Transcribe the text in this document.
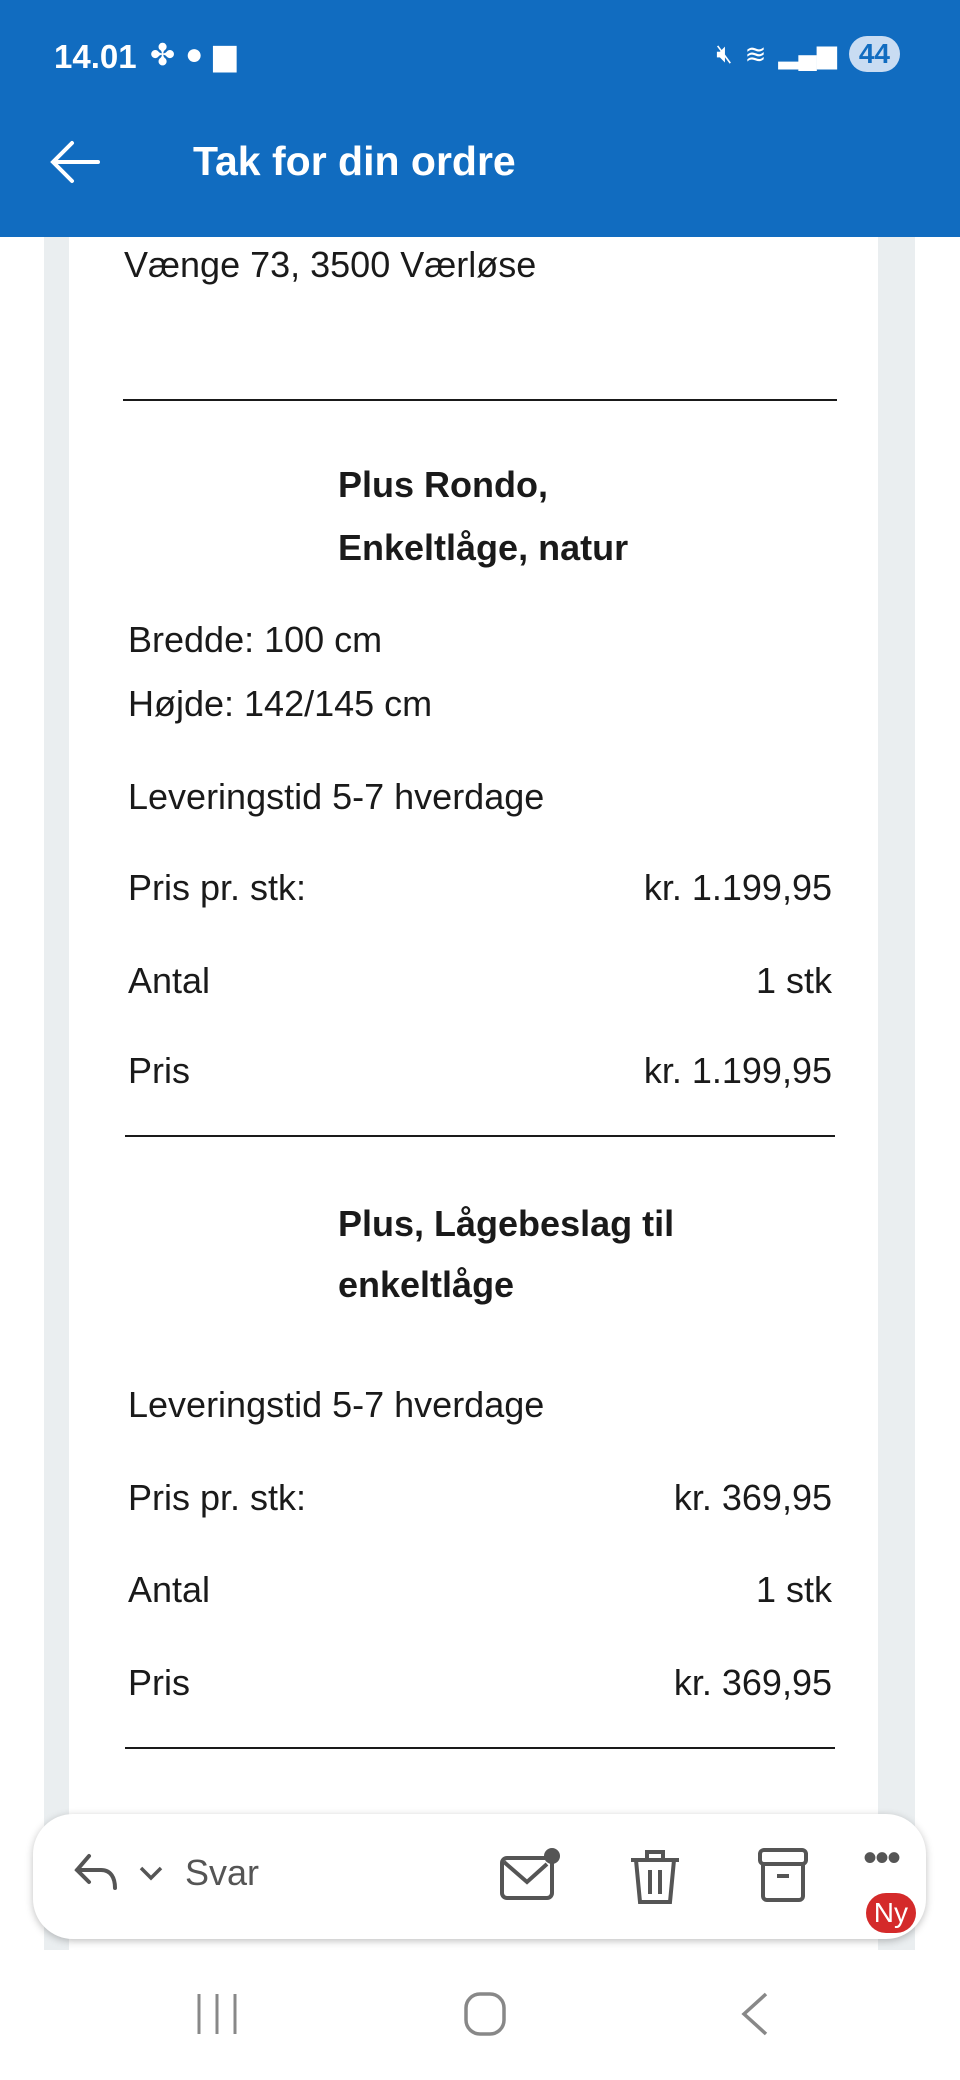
14.01 ✤ ● ▆	🔇︎ ≋ ▂▄▆ 44
Tak for din ordre
Vænge 73, 3500 Værløse
Plus Rondo,
Enkeltlåge, natur
Bredde: 100 cm
Højde: 142/145 cm
Leveringstid 5-7 hverdage
Pris pr. stk:	kr. 1.199,95
Antal	1 stk
Pris	kr. 1.199,95
Plus, Lågebeslag til
enkeltlåge
Leveringstid 5-7 hverdage
Pris pr. stk:	kr. 369,95
Antal	1 stk
Pris	kr. 369,95
Svar	•••
Ny
